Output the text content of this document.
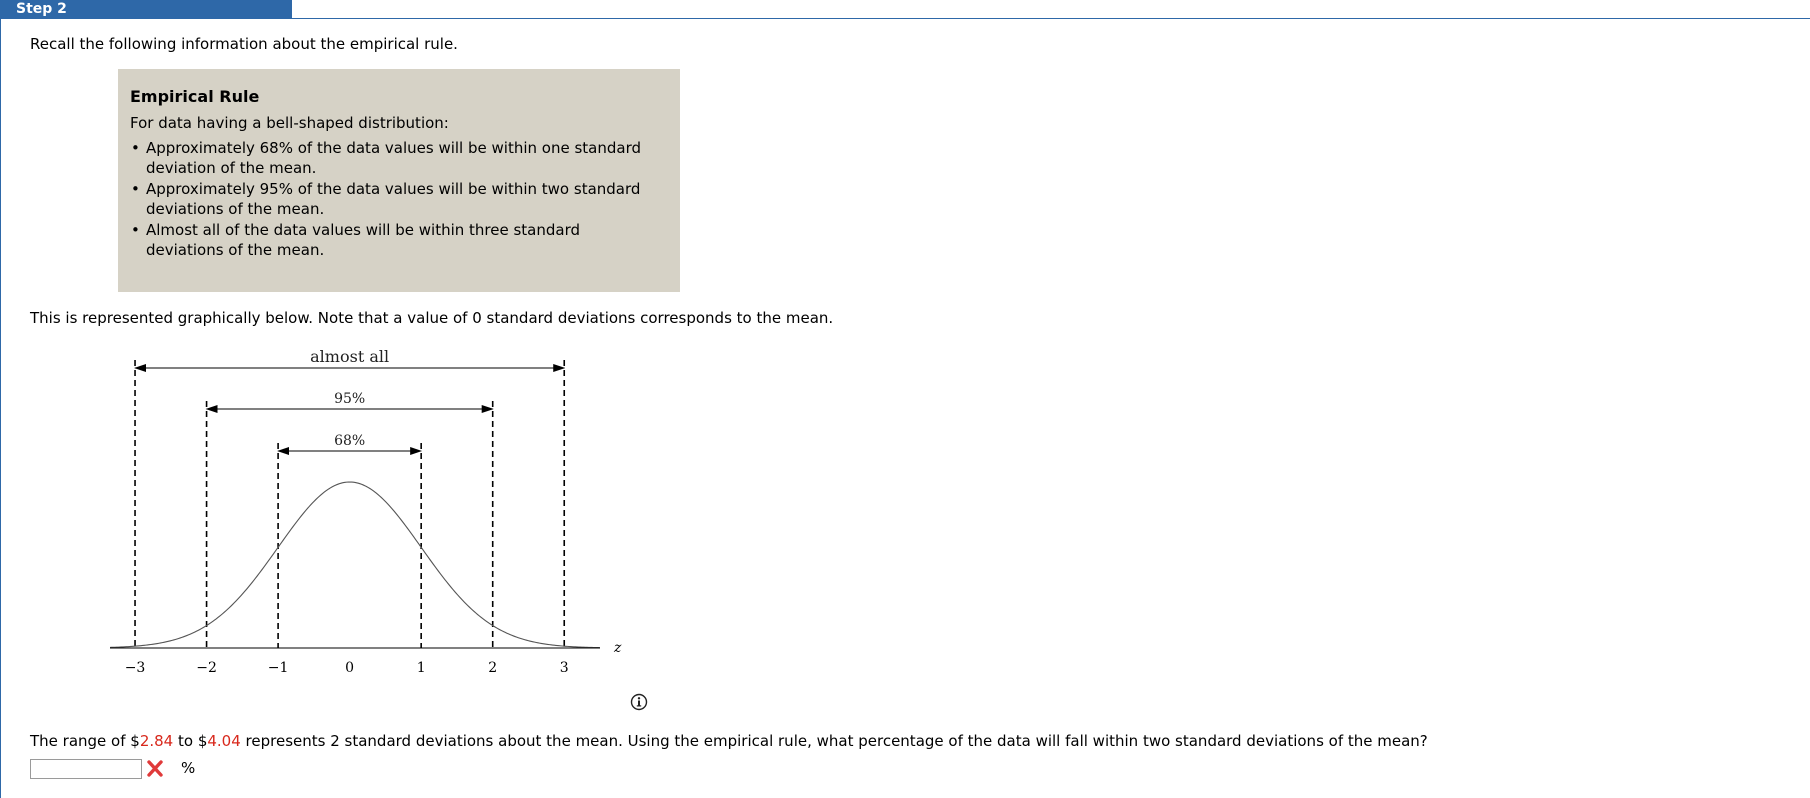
Step 2
Recall the following information about the empirical rule.
Empirical Rule
For data having a bell-shaped distribution:
• Approximately 68% of the data values will be within one standard deviation of the mean.
• Approximately 95% of the data values will be within two standard deviations of the mean.
• Almost all of the data values will be within three standard deviations of the mean.
This is represented graphically below. Note that a value of 0 standard deviations corresponds to the mean.
almost all
95%
68%
−3	−2	−1	0	1	2	3
z
The range of $2.84 to $4.04 represents 2 standard deviations about the mean. Using the empirical rule, what percentage of the data will fall within two standard deviations of the mean?
%
